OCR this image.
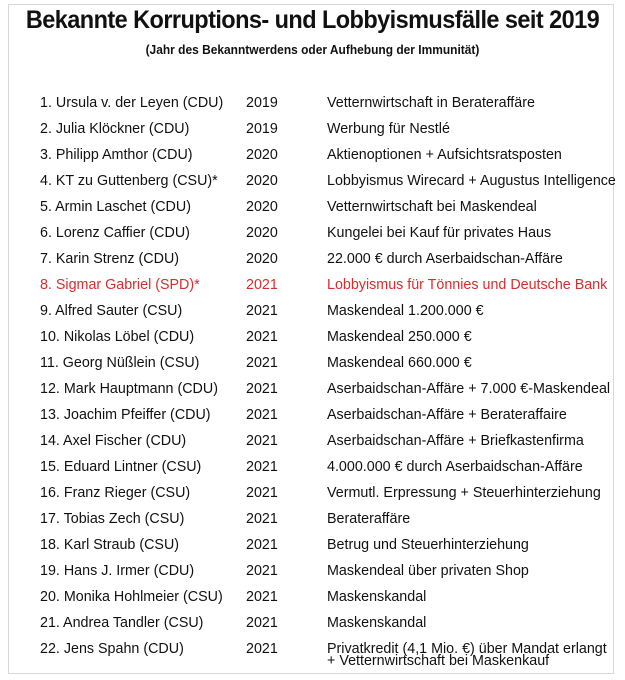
Bekannte Korruptions- und Lobbyismusfälle seit 2019
(Jahr des Bekanntwerdens oder Aufhebung der Immunität)
1. Ursula v. der Leyen (CDU) 2019	Vetternwirtschaft in Beraterаffäre
2. Julia Klöckner (CDU)	2019	Werbung für Nestlé
3. Philipp Amthor (CDU)	2020	Aktienoptionen + Aufsichtsratsposten
4. KT zu Guttenberg (CSU)* 2020	Lobbyismus Wirecard + Augustus Intelligence
5. Armin Laschet (CDU)	2020	Vetternwirtschaft bei Maskendeal
6. Lorenz Caffier (CDU)	2020	Kungelei bei Kauf für privates Haus
7. Karin Strenz (CDU)	2020	22.000 € durch Aserbaidschan-Affäre
8. Sigmar Gabriel (SPD)*	2021	Lobbyismus für Tönnies und Deutsche Bank
9. Alfred Sauter (CSU)	2021	Maskendeal 1.200.000 €
10. Nikolas Löbel (CDU)	2021	Maskendeal 250.000 €
11. Georg Nüßlein (CSU)	2021	Maskendeal 660.000 €
12. Mark Hauptmann (CDU) 2021	Aserbaidschan-Affäre + 7.000 €-Maskendeal
13. Joachim Pfeiffer (CDU) 2021	Aserbaidschan-Affäre + Beraterаffaire
14. Axel Fischer (CDU)	2021	Aserbaidschan-Affäre + Briefkastenfirma
15. Eduard Lintner (CSU)	2021	4.000.000 € durch Aserbaidschan-Affäre
16. Franz Rieger (CSU)	2021	Vermutl. Erpressung + Steuerhinterziehung
17. Tobias Zech (CSU)	2021	Beraterаffäre
18. Karl Straub (CSU)	2021	Betrug und Steuerhinterziehung
19. Hans J. Irmer (CDU)	2021	Maskendeal über privaten Shop
20. Monika Hohlmeier (CSU) 2021	Maskenskandal
21. Andrea Tandler (CSU)	2021	Maskenskandal
22. Jens Spahn (CDU)	2021	Privatkredit (4,1 Mio. €) über Mandat erlangt
+ Vetternwirtschaft bei Maskenkauf
